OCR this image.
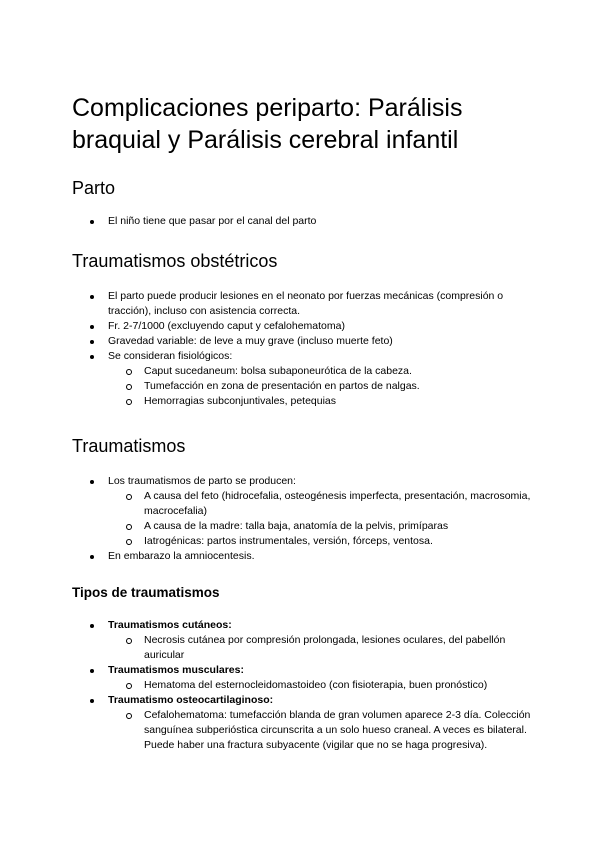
Complicaciones periparto: Parálisis braquial y Parálisis cerebral infantil
Parto
El niño tiene que pasar por el canal del parto
Traumatismos obstétricos
El parto puede producir lesiones en el neonato por fuerzas mecánicas (compresión o tracción), incluso con asistencia correcta.
Fr. 2-7/1000 (excluyendo caput y cefalohematoma)
Gravedad variable: de leve a muy grave (incluso muerte feto)
Se consideran fisiológicos:
Caput sucedaneum: bolsa subaponeurótica de la cabeza.
Tumefacción en zona de presentación en partos de nalgas.
Hemorragias subconjuntivales, petequias
Traumatismos
Los traumatismos de parto se producen:
A causa del feto (hidrocefalia, osteogénesis imperfecta, presentación, macrosomia, macrocefalia)
A causa de la madre: talla baja, anatomía de la pelvis, primíparas
Iatrogénicas: partos instrumentales, versión, fórceps, ventosa.
En embarazo la amniocentesis.
Tipos de traumatismos
Traumatismos cutáneos:
Necrosis cutánea por compresión prolongada, lesiones oculares, del pabellón auricular
Traumatismos musculares:
Hematoma del esternocleidomastoideo (con fisioterapia, buen pronóstico)
Traumatismo osteocartilaginoso:
Cefalohematoma: tumefacción blanda de gran volumen aparece 2-3 día. Colección sanguínea subperióstica circunscrita a un solo hueso craneal. A veces es bilateral. Puede haber una fractura subyacente (vigilar que no se haga progresiva).
